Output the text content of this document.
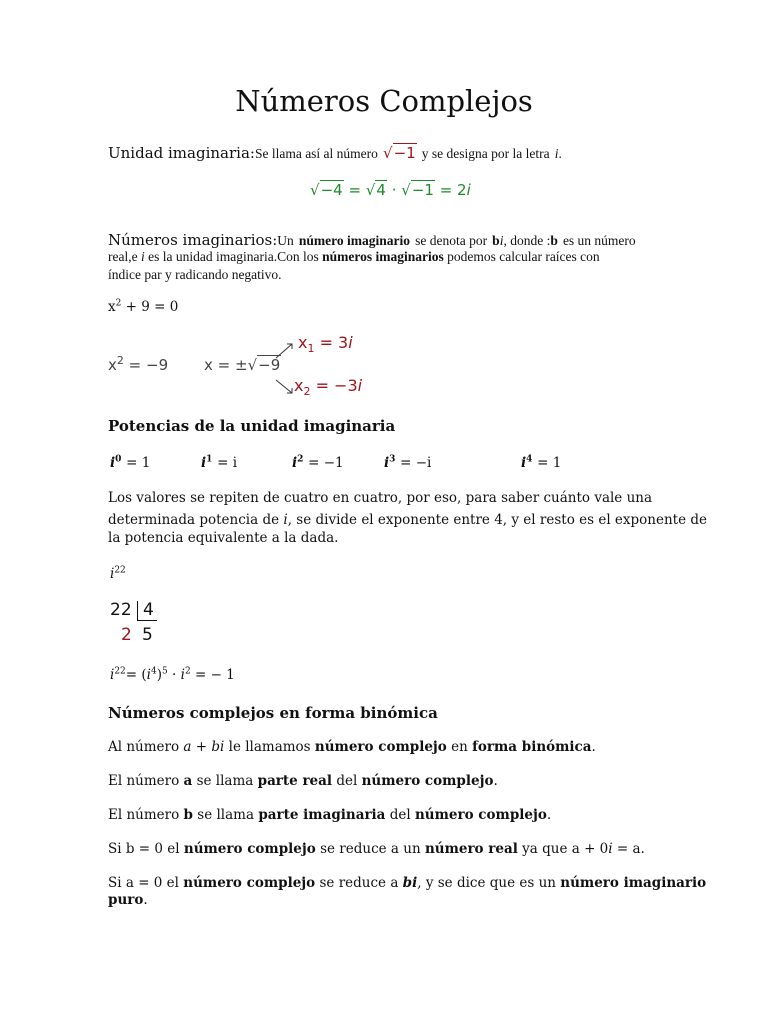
Números Complejos
Unidad imaginaria:Se llama así al número √−1 y se designa por la letra i.
√−4 = √4 · √−1 = 2i
Números imaginarios:Un número imaginario se denota por bi, donde :b es un número
real,e i es la unidad imaginaria.Con los números imaginarios podemos calcular raíces con
índice par y radicando negativo.
$x^2 + 9 = 0$
$x^2 = -9$ x = ±√−9
$x_1 = 3i$
$x_2 = -3i$
Potencias de la unidad imaginaria
$i^0 = 1$	$i^1 = i$	$i^2 = -1$	$i^3 = -i$	$i^4 = 1$
Los valores se repiten de cuatro en cuatro, por eso, para saber cuánto vale una
determinada potencia de i, se divide el exponente entre 4, y el resto es el exponente de
la potencia equivalente a la dada.
$i^{22}$
22 4
2 5
$i^{22}= (i^4)^5 \cdot i^2$ = − 1
Números complejos en forma binómica
Al número a + bi le llamamos número complejo en forma binómica.
El número a se llama parte real del número complejo.
El número b se llama parte imaginaria del número complejo.
Si b = 0 el número complejo se reduce a un número real ya que a + 0i = a.
Si a = 0 el número complejo se reduce a bi, y se dice que es un número imaginario
puro.
